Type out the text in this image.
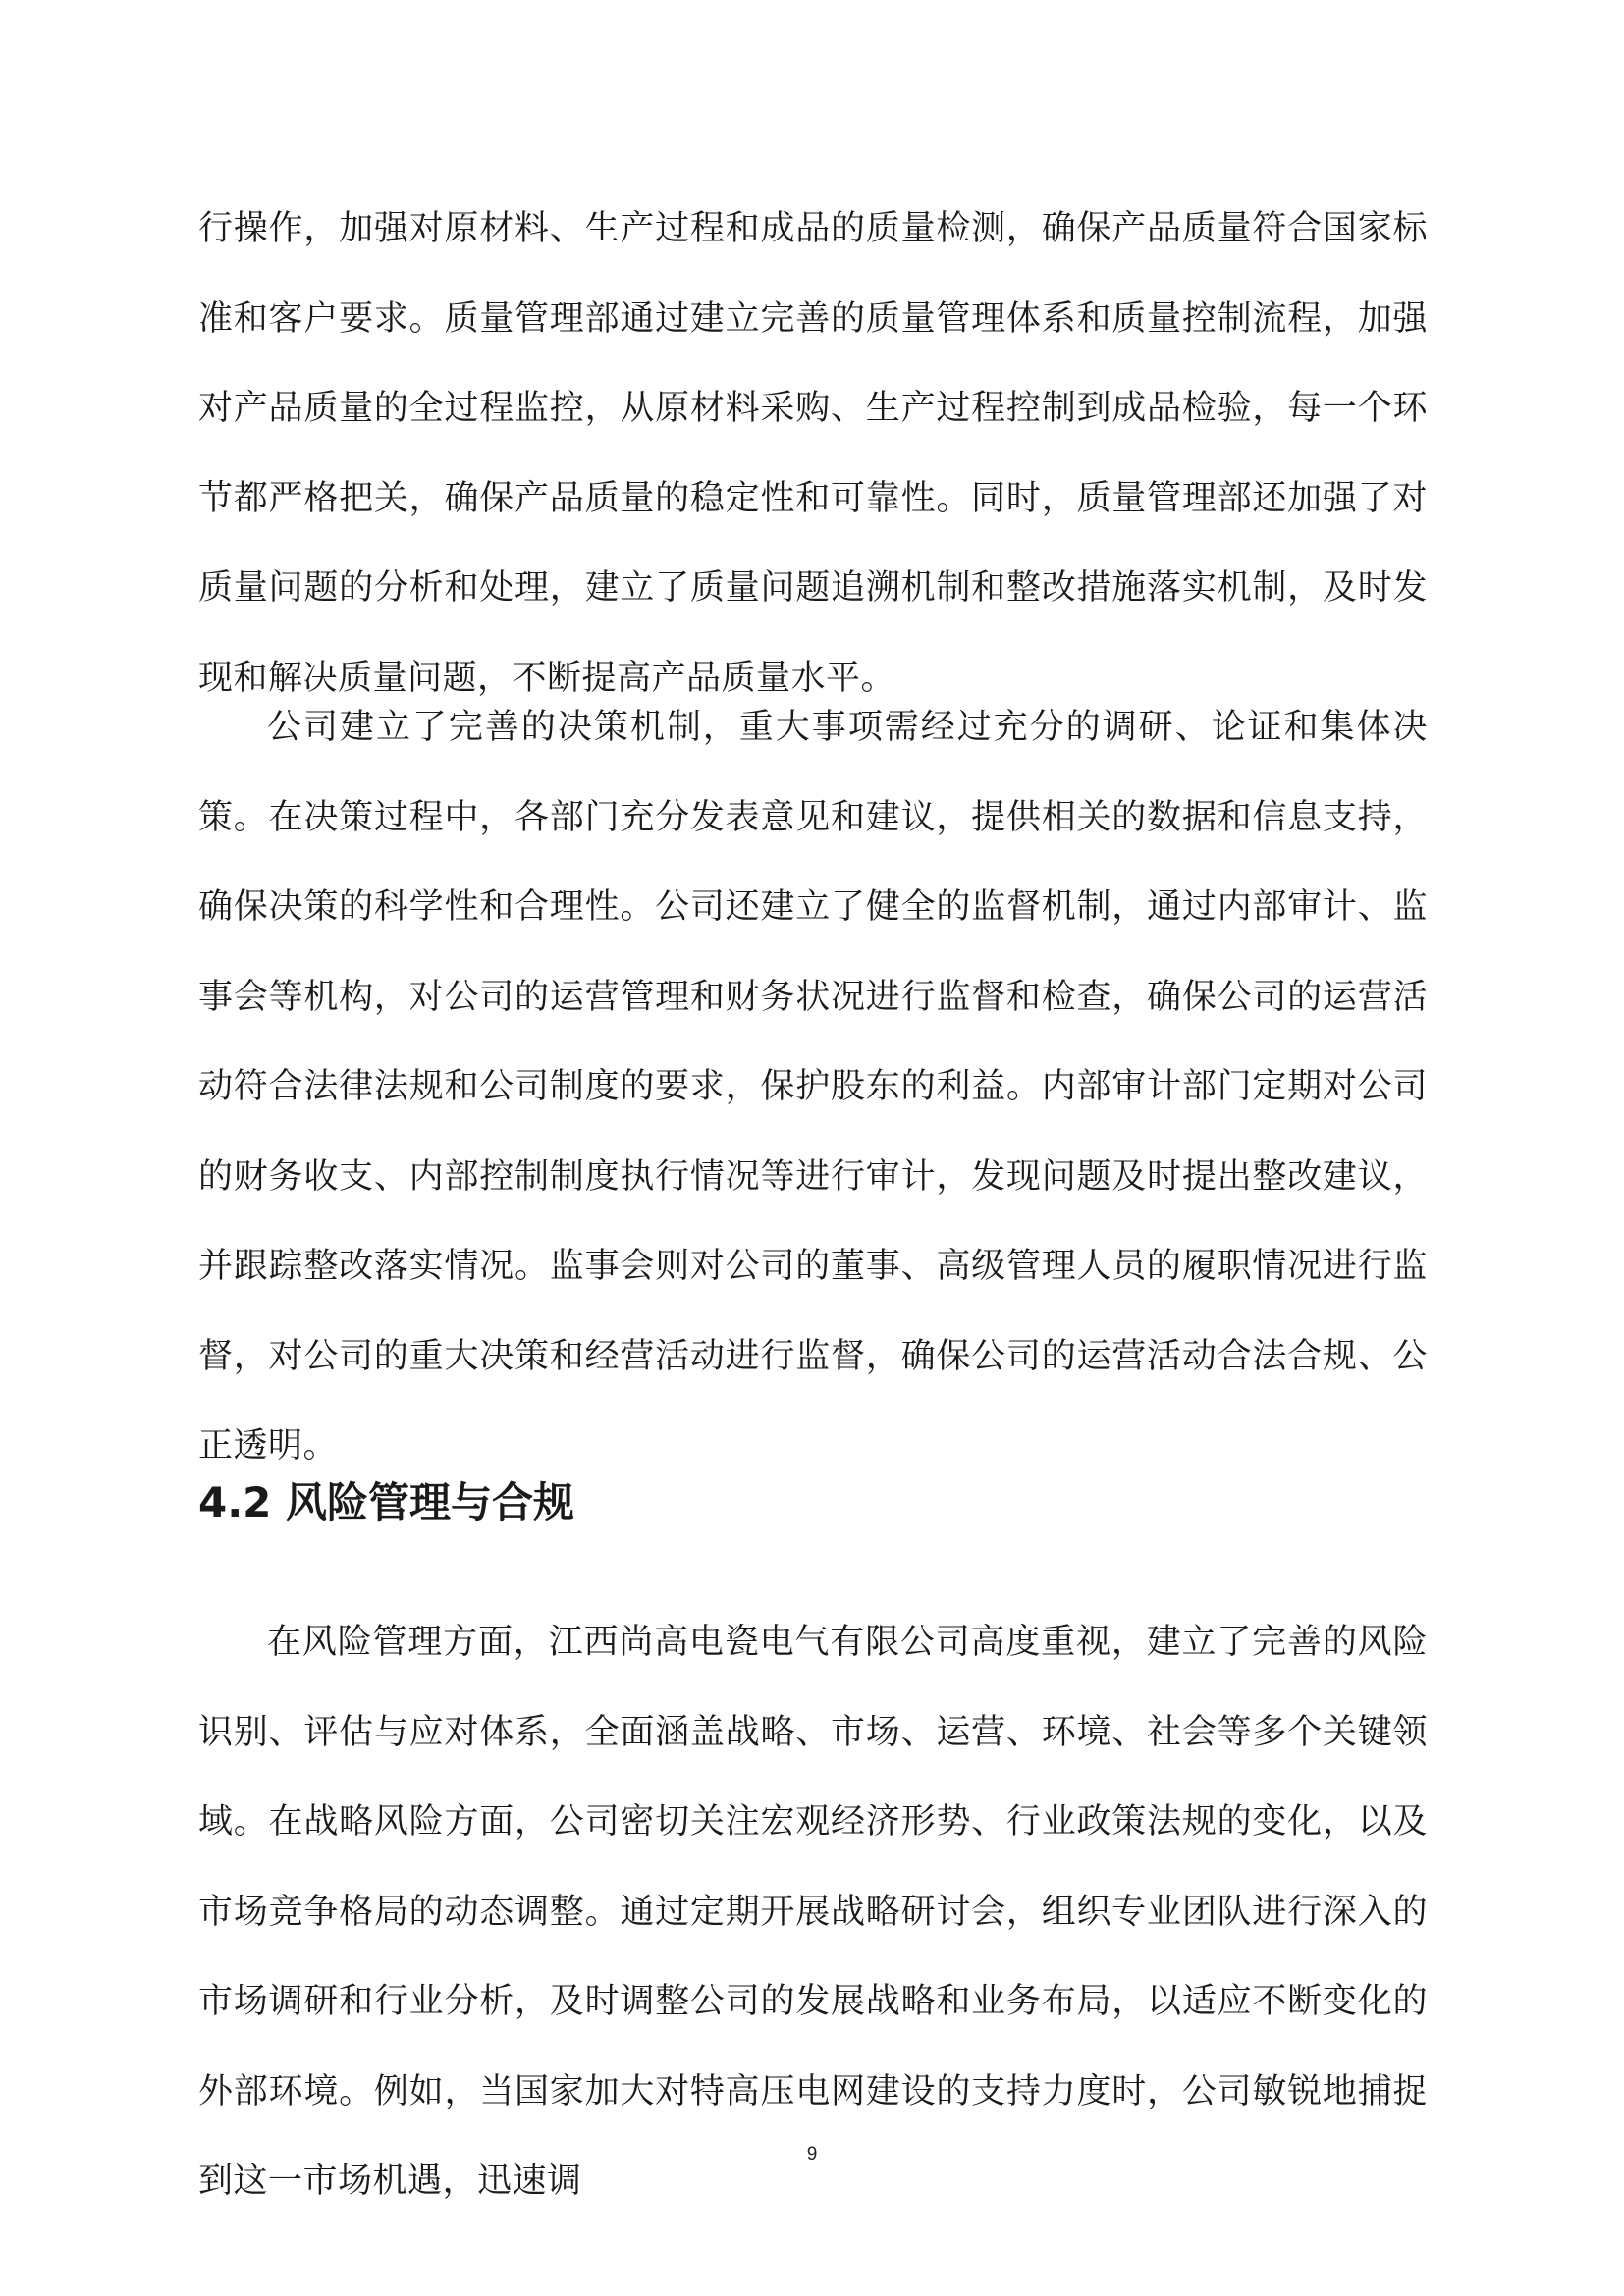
行操作，加强对原材料、生产过程和成品的质量检测，确保产品质量符合国家标准和客户要求。质量管理部通过建立完善的质量管理体系和质量控制流程，加强对产品质量的全过程监控，从原材料采购、生产过程控制到成品检验，每一个环节都严格把关，确保产品质量的稳定性和可靠性。同时，质量管理部还加强了对质量问题的分析和处理，建立了质量问题追溯机制和整改措施落实机制，及时发现和解决质量问题，不断提高产品质量水平。

公司建立了完善的决策机制，重大事项需经过充分的调研、论证和集体决策。在决策过程中，各部门充分发表意见和建议，提供相关的数据和信息支持，确保决策的科学性和合理性。公司还建立了健全的监督机制，通过内部审计、监事会等机构，对公司的运营管理和财务状况进行监督和检查，确保公司的运营活动符合法律法规和公司制度的要求，保护股东的利益。内部审计部门定期对公司的财务收支、内部控制制度执行情况等进行审计，发现问题及时提出整改建议，并跟踪整改落实情况。监事会则对公司的董事、高级管理人员的履职情况进行监督，对公司的重大决策和经营活动进行监督，确保公司的运营活动合法合规、公正透明。

4.2 风险管理与合规

在风险管理方面，江西尚高电瓷电气有限公司高度重视，建立了完善的风险识别、评估与应对体系，全面涵盖战略、市场、运营、环境、社会等多个关键领域。在战略风险方面，公司密切关注宏观经济形势、行业政策法规的变化，以及市场竞争格局的动态调整。通过定期开展战略研讨会，组织专业团队进行深入的市场调研和行业分析，及时调整公司的发展战略和业务布局，以适应不断变化的外部环境。例如，当国家加大对特高压电网建设的支持力度时，公司敏锐地捕捉到这一市场机遇，迅速调

9
